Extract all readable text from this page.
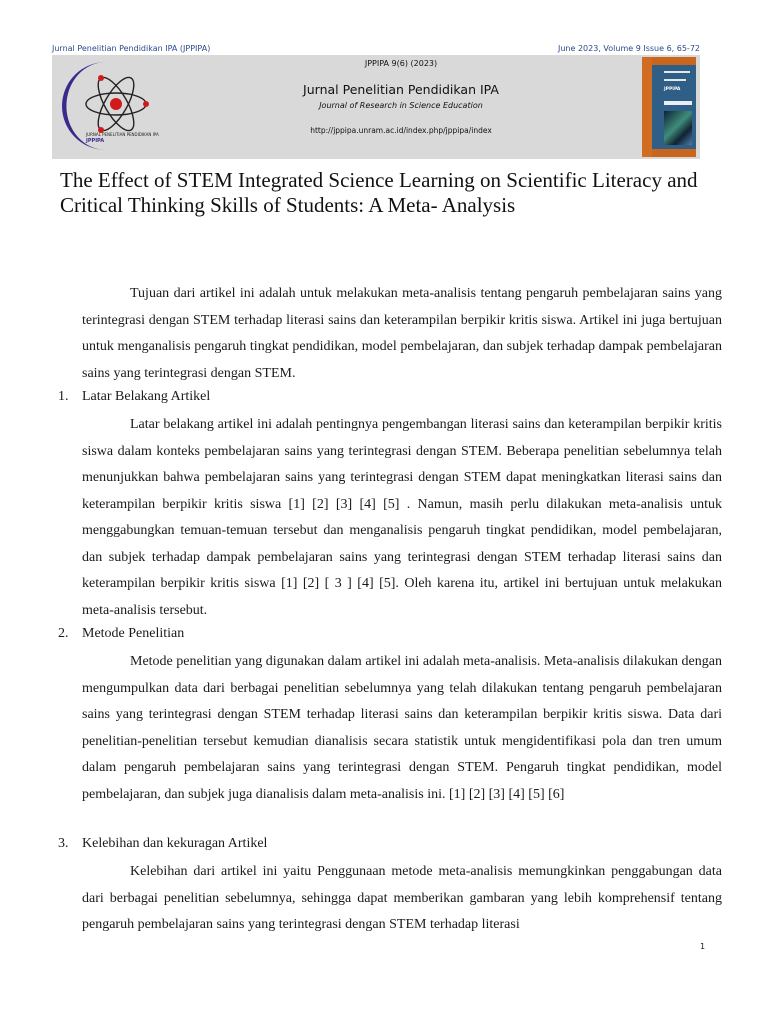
Jurnal Penelitian Pendidikan IPA (JPPIPA)	June 2023, Volume 9 Issue 6, 65-72
JURNAL PENELITIAN PENDIDIKAN IPA
JPPIPA
JPPIPA 9(6) (2023)
Jurnal Penelitian Pendidikan IPA
Journal of Research in Science Education
http://jppipa.unram.ac.id/index.php/jppipa/index
JPPIPA
The Effect of STEM Integrated Science Learning on Scientific Literacy and Critical Thinking Skills of Students: A Meta- Analysis

Tujuan dari artikel ini adalah untuk melakukan meta-analisis tentang pengaruh pembelajaran sains yang terintegrasi dengan STEM terhadap literasi sains dan keterampilan berpikir kritis siswa. Artikel ini juga bertujuan untuk menganalisis pengaruh tingkat pendidikan, model pembelajaran, dan subjek terhadap dampak pembelajaran sains yang terintegrasi dengan STEM.

1. Latar Belakang Artikel

Latar belakang artikel ini adalah pentingnya pengembangan literasi sains dan keterampilan berpikir kritis siswa dalam konteks pembelajaran sains yang terintegrasi dengan STEM. Beberapa penelitian sebelumnya telah menunjukkan bahwa pembelajaran sains yang terintegrasi dengan STEM dapat meningkatkan literasi sains dan keterampilan berpikir kritis siswa [1] [2] [3] [4] [5] . Namun, masih perlu dilakukan meta-analisis untuk menggabungkan temuan-temuan tersebut dan menganalisis pengaruh tingkat pendidikan, model pembelajaran, dan subjek terhadap dampak pembelajaran sains yang terintegrasi dengan STEM terhadap literasi sains dan keterampilan berpikir kritis siswa [1] [2] [ 3 ] [4] [5]. Oleh karena itu, artikel ini bertujuan untuk melakukan meta-analisis tersebut.

2. Metode Penelitian

Metode penelitian yang digunakan dalam artikel ini adalah meta-analisis. Meta-analisis dilakukan dengan mengumpulkan data dari berbagai penelitian sebelumnya yang telah dilakukan tentang pengaruh pembelajaran sains yang terintegrasi dengan STEM terhadap literasi sains dan keterampilan berpikir kritis siswa. Data dari penelitian-penelitian tersebut kemudian dianalisis secara statistik untuk mengidentifikasi pola dan tren umum dalam pengaruh pembelajaran sains yang terintegrasi dengan STEM. Pengaruh tingkat pendidikan, model pembelajaran, dan subjek juga dianalisis dalam meta-analisis ini. [1] [2] [3] [4] [5] [6]

3. Kelebihan dan kekuragan Artikel

Kelebihan dari artikel ini yaitu Penggunaan metode meta-analisis memungkinkan penggabungan data dari berbagai penelitian sebelumnya, sehingga dapat memberikan gambaran yang lebih komprehensif tentang pengaruh pembelajaran sains yang terintegrasi dengan STEM terhadap literasi

1
